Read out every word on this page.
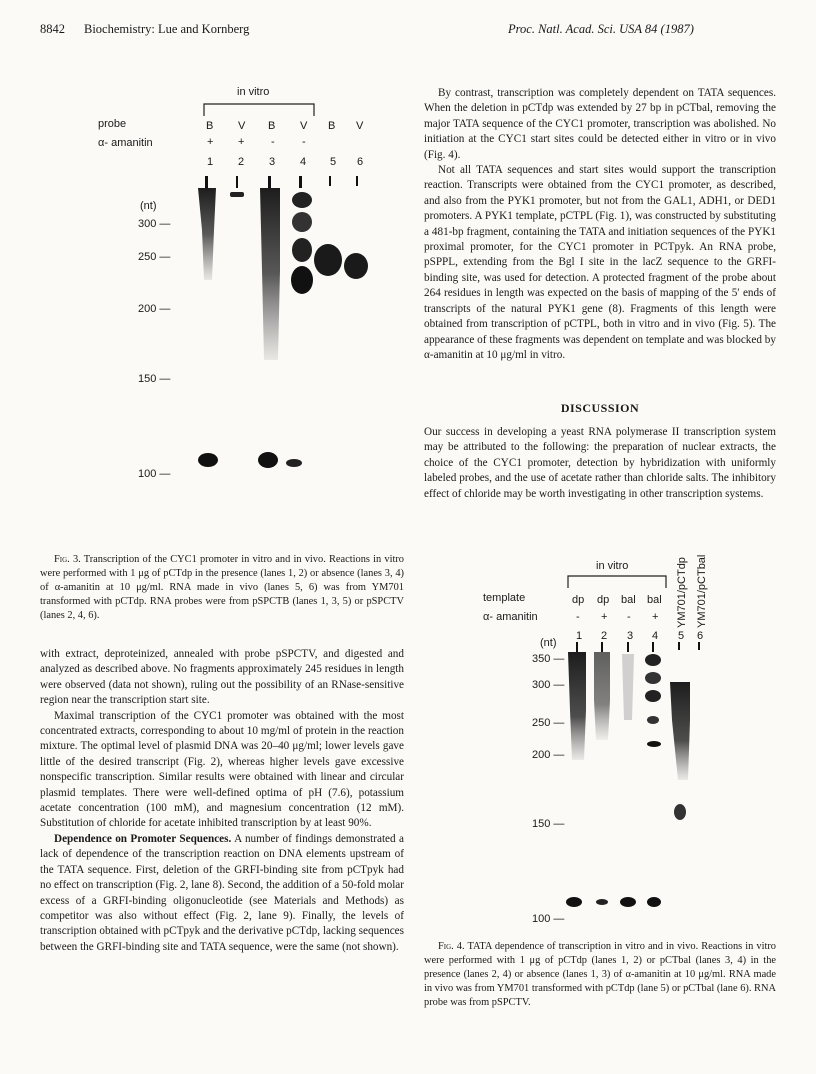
8842 Biochemistry: Lue and Kornberg	Proc. Natl. Acad. Sci. USA 84 (1987)
in vitro
probe
α- amanitin
B V B V B V
+ + - -
1 2 3 4 5 6
(nt)
300 —
250 —
200 —
150 —
100 —

Fig. 3. Transcription of the CYC1 promoter in vitro and in vivo. Reactions in vitro were performed with 1 μg of pCTdp in the presence (lanes 1, 2) or absence (lanes 3, 4) of α-amanitin at 10 μg/ml. RNA made in vivo (lanes 5, 6) was from YM701 transformed with pCTdp. RNA probes were from pSPCTB (lanes 1, 3, 5) or pSPCTV (lanes 2, 4, 6).

with extract, deproteinized, annealed with probe pSPCTV, and digested and analyzed as described above. No fragments approximately 245 residues in length were observed (data not shown), ruling out the possibility of an RNase-sensitive region near the transcription start site.

Maximal transcription of the CYC1 promoter was obtained with the most concentrated extracts, corresponding to about 10 mg/ml of protein in the reaction mixture. The optimal level of plasmid DNA was 20–40 μg/ml; lower levels gave little of the desired transcript (Fig. 2), whereas higher levels gave excessive nonspecific transcription. Similar results were obtained with linear and circular plasmid templates. There were well-defined optima of pH (7.6), potassium acetate concentration (100 mM), and magnesium concentration (12 mM). Substitution of chloride for acetate inhibited transcription by at least 90%.

Dependence on Promoter Sequences. A number of findings demonstrated a lack of dependence of the transcription reaction on DNA elements upstream of the TATA sequence. First, deletion of the GRFI-binding site from pCTpyk had no effect on transcription (Fig. 2, lane 8). Second, the addition of a 50-fold molar excess of a GRFI-binding oligonucleotide (see Materials and Methods) as competitor was also without effect (Fig. 2, lane 9). Finally, the levels of transcription obtained with pCTpyk and the derivative pCTdp, lacking sequences between the GRFI-binding site and TATA sequence, were the same (not shown).

By contrast, transcription was completely dependent on TATA sequences. When the deletion in pCTdp was extended by 27 bp in pCTbal, removing the major TATA sequence of the CYC1 promoter, transcription was abolished. No initiation at the CYC1 start sites could be detected either in vitro or in vivo (Fig. 4).

Not all TATA sequences and start sites would support the transcription reaction. Transcripts were obtained from the CYC1 promoter, as described, and also from the PYK1 promoter, but not from the GAL1, ADH1, or DED1 promoters. A PYK1 template, pCTPL (Fig. 1), was constructed by substituting a 481-bp fragment, containing the TATA and initiation sequences of the PYK1 proximal promoter, for the CYC1 promoter in PCTpyk. An RNA probe, pSPPL, extending from the Bgl I site in the lacZ sequence to the GRFI-binding site, was used for detection. A protected fragment of the probe about 264 residues in length was expected on the basis of mapping of the 5′ ends of transcripts of the natural PYK1 gene (8). Fragments of this length were obtained from transcription of pCTPL, both in vitro and in vivo (Fig. 5). The appearance of these fragments was dependent on template and was blocked by α-amanitin at 10 μg/ml in vitro.

DISCUSSION

Our success in developing a yeast RNA polymerase II transcription system may be attributed to the following: the preparation of nuclear extracts, the choice of the CYC1 promoter, detection by hybridization with uniformly labeled probes, and the use of acetate rather than chloride salts. The inhibitory effect of chloride may be worth investigating in other transcription systems.

in vitro
template
α- amanitin
dp dp bal bal
- + - +
1 2 3 4 5 6
YM701/pCTdp YM701/pCTbal
(nt)
350 —
300 —
250 —
200 —
150 —
100 —

Fig. 4. TATA dependence of transcription in vitro and in vivo. Reactions in vitro were performed with 1 μg of pCTdp (lanes 1, 2) or pCTbal (lanes 3, 4) in the presence (lanes 2, 4) or absence (lanes 1, 3) of α-amanitin at 10 μg/ml. RNA made in vivo was from YM701 transformed with pCTdp (lane 5) or pCTbal (lane 6). RNA probe was from pSPCTV.
